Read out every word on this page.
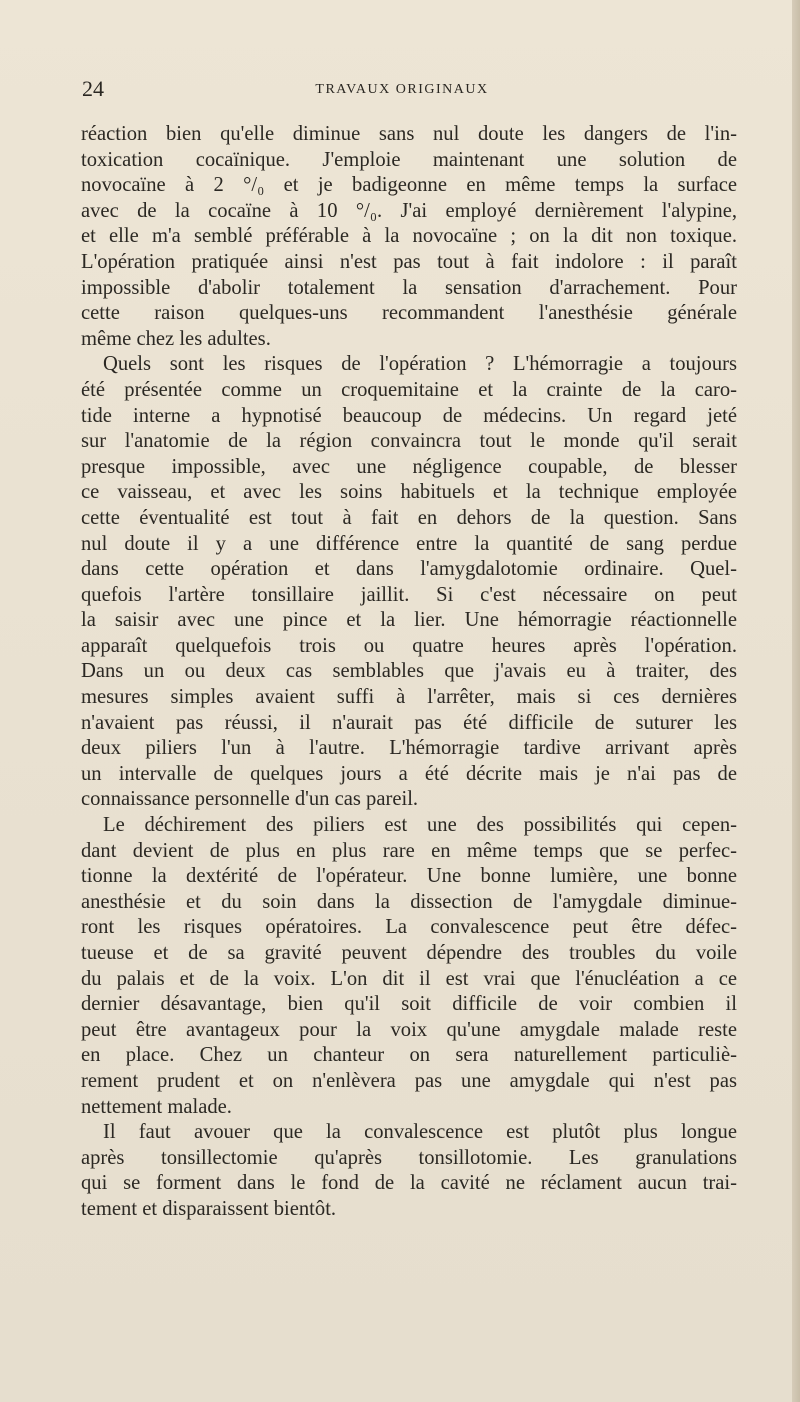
24	TRAVAUX ORIGINAUX
réaction bien qu'elle diminue sans nul doute les dangers de l'in-
toxication cocaïnique. J'emploie maintenant une solution de
novocaïne à 2 °/₀ et je badigeonne en même temps la surface
avec de la cocaïne à 10 °/₀. J'ai employé dernièrement l'alypine,
et elle m'a semblé préférable à la novocaïne ; on la dit non toxique.
L'opération pratiquée ainsi n'est pas tout à fait indolore : il paraît
impossible d'abolir totalement la sensation d'arrachement. Pour
cette raison quelques-uns recommandent l'anesthésie générale
même chez les adultes.
Quels sont les risques de l'opération ? L'hémorragie a toujours
été présentée comme un croquemitaine et la crainte de la caro-
tide interne a hypnotisé beaucoup de médecins. Un regard jeté
sur l'anatomie de la région convaincra tout le monde qu'il serait
presque impossible, avec une négligence coupable, de blesser
ce vaisseau, et avec les soins habituels et la technique employée
cette éventualité est tout à fait en dehors de la question. Sans
nul doute il y a une différence entre la quantité de sang perdue
dans cette opération et dans l'amygdalotomie ordinaire. Quel-
quefois l'artère tonsillaire jaillit. Si c'est nécessaire on peut
la saisir avec une pince et la lier. Une hémorragie réactionnelle
apparaît quelquefois trois ou quatre heures après l'opération.
Dans un ou deux cas semblables que j'avais eu à traiter, des
mesures simples avaient suffi à l'arrêter, mais si ces dernières
n'avaient pas réussi, il n'aurait pas été difficile de suturer les
deux piliers l'un à l'autre. L'hémorragie tardive arrivant après
un intervalle de quelques jours a été décrite mais je n'ai pas de
connaissance personnelle d'un cas pareil.
Le déchirement des piliers est une des possibilités qui cepen-
dant devient de plus en plus rare en même temps que se perfec-
tionne la dextérité de l'opérateur. Une bonne lumière, une bonne
anesthésie et du soin dans la dissection de l'amygdale diminue-
ront les risques opératoires. La convalescence peut être défec-
tueuse et de sa gravité peuvent dépendre des troubles du voile
du palais et de la voix. L'on dit il est vrai que l'énucléation a ce
dernier désavantage, bien qu'il soit difficile de voir combien il
peut être avantageux pour la voix qu'une amygdale malade reste
en place. Chez un chanteur on sera naturellement particuliè-
rement prudent et on n'enlèvera pas une amygdale qui n'est pas
nettement malade.
Il faut avouer que la convalescence est plutôt plus longue
après tonsillectomie qu'après tonsillotomie. Les granulations
qui se forment dans le fond de la cavité ne réclament aucun trai-
tement et disparaissent bientôt.
